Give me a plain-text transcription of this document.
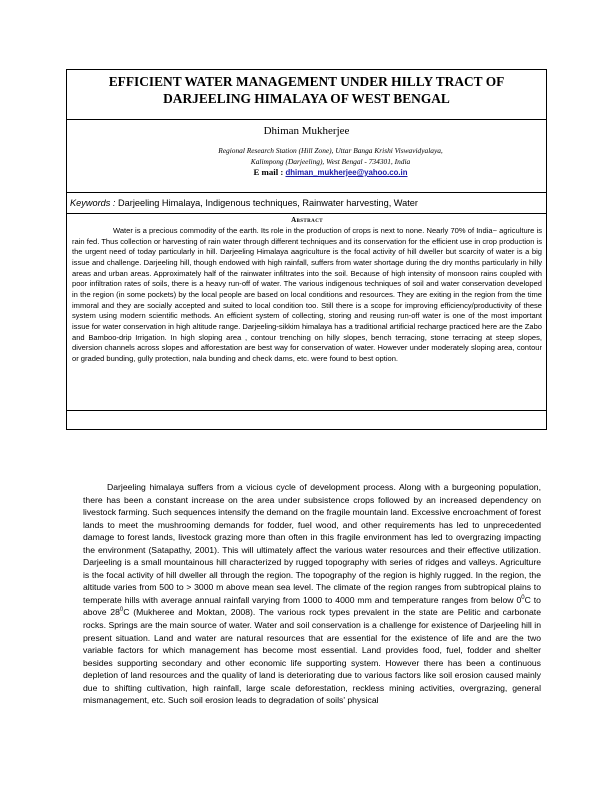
EFFICIENT WATER MANAGEMENT UNDER HILLY TRACT OF DARJEELING HIMALAYA OF WEST BENGAL
Dhiman Mukherjee
Regional Research Station (Hill Zone), Uttar Banga Krishi Viswavidyalaya,
Kalimpong (Darjeeling), West Bengal - 734301, India
E mail : dhiman_mukherjee@yahoo.co.in
Keywords : Darjeeling Himalaya, Indigenous techniques, Rainwater harvesting, Water
Abstract

Water is a precious commodity of the earth. Its role in the production of crops is next to none. Nearly 70% of India~ agriculture is rain fed. Thus collection or harvesting of rain water through different techniques and its conservation for the efficient use in crop production is the urgent need of today particularly in hill. Darjeeling Himalaya aagriculture is the focal activity of hill dweller but scarcity of water is a big issue and challenge. Darjeeling hill, though endowed with high rainfall, suffers from water shortage during the dry months particularly in hilly areas and urban areas. Approximately half of the rainwater infiltrates into the soil. Because of high intensity of monsoon rains coupled with poor infiltration rates of soils, there is a heavy run-off of water. The various indigenous techniques of soil and water conservation developed in the region (in some pockets) by the local people are based on local conditions and resources. They are exiting in the region from the time immoral and they are socially accepted and suited to local condition too. Still there is a scope for improving efficiency/productivity of these system using modern scientific methods. An efficient system of collecting, storing and reusing run-off water is one of the most important issue for water conservation in high altitude range. Darjeeling-sikkim himalaya has a traditional artificial recharge practiced here are the Zabo and Bamboo-drip Irrigation. In high sloping area , contour trenching on hilly slopes, bench terracing, stone terracing at steep slopes, diversion channels across slopes and afforestation are best way for conservation of water. However under moderately sloping area, contour or graded bunding, gully protection, nala bunding and check dams, etc. were found to best option.

Darjeeling himalaya suffers from a vicious cycle of development process. Along with a burgeoning population, there has been a constant increase on the area under subsistence crops followed by an increased dependency on livestock farming. Such sequences intensify the demand on the fragile mountain land. Excessive encroachment of forest lands to meet the mushrooming demands for fodder, fuel wood, and other requirements has led to unprecedented damage to forest lands, livestock grazing more than often in this fragile environment has led to overgrazing impacting the environment (Satapathy, 2001). This will ultimately affect the various water resources and their effective utilization. Darjeeling is a small mountainous hill characterized by rugged topography with series of ridges and valleys. Agriculture is the focal activity of hill dweller all through the region. The topography of the region is highly rugged. In the region, the altitude varies from 500 to > 3000 m above mean sea level. The climate of the region ranges from subtropical plains to temperate hills with average annual rainfall varying from 1000 to 4000 mm and temperature ranges from below $0^0C$ to above $28^0C$ (Mukheree and Moktan, 2008). The various rock types prevalent in the state are Pelitic and carbonate rocks. Springs are the main source of water. Water and soil conservation is a challenge for existence of Darjeeling hill in present situation. Land and water are natural resources that are essential for the existence of life and are the two variable factors for which management has become most essential. Land provides food, fuel, fodder and shelter besides supporting secondary and other economic life supporting system. However there has been a continuous depletion of land resources and the quality of land is deteriorating due to various factors like soil erosion caused mainly due to shifting cultivation, high rainfall, large scale deforestation, reckless mining activities, overgrazing, general mismanagement, etc. Such soil erosion leads to degradation of soils' physical
